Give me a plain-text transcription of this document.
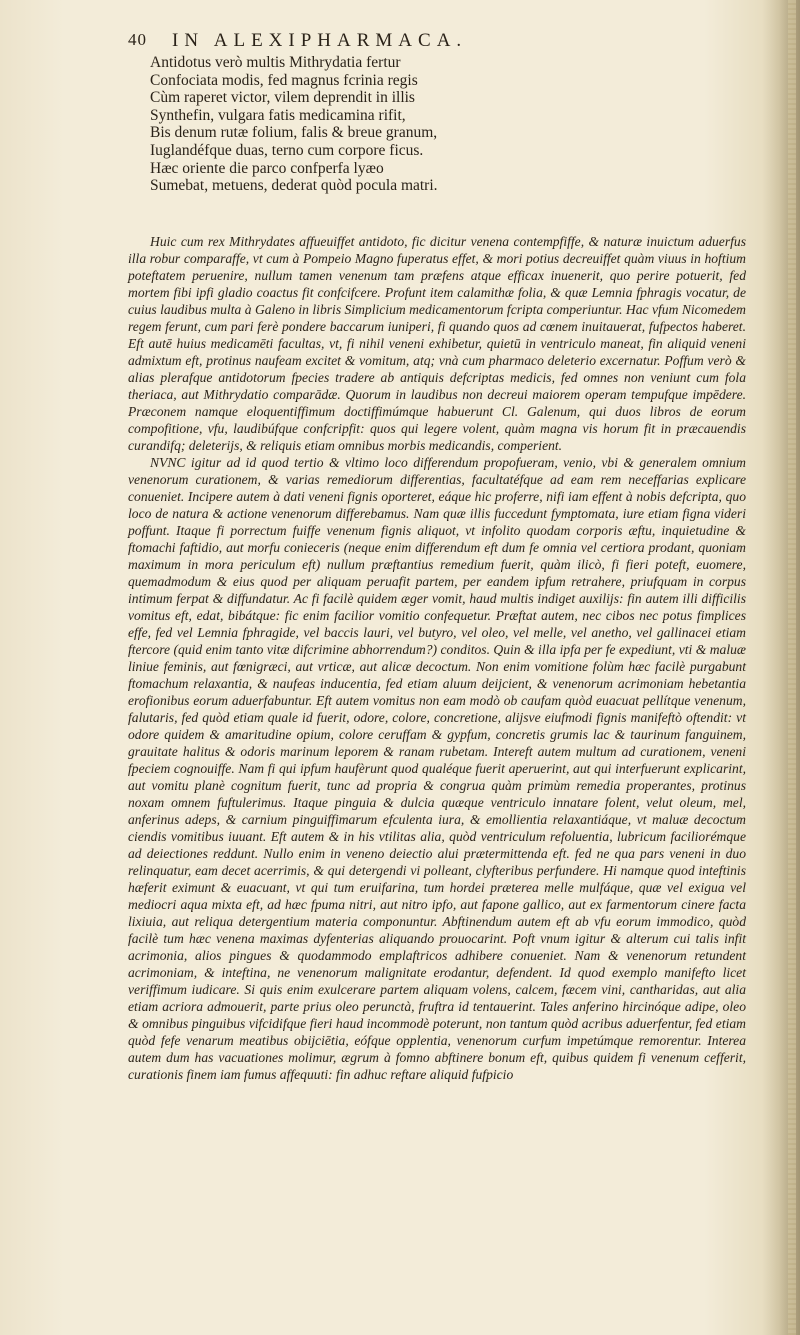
40 IN ALEXIPHARMACA.
Antidotus verò multis Mithrydatia fertur
Confociata modis, fed magnus fcrinia regis
Cùm raperet victor, vilem deprendit in illis
Synthefin, vulgara fatis medicamina rifit,
Bis denum rutæ folium, falis & breue granum,
Iuglandéfque duas, terno cum corpore ficus.
Hæc oriente die parco confperfa lyæo
Sumebat, metuens, dederat quòd pocula matri.

Huic cum rex Mithrydates affueuiffet antidoto, fic dicitur venena contempfiffe, & naturæ inuictum aduerfus illa robur comparaffe, vt cum à Pompeio Magno fuperatus effet, & mori potius decreuiffet quàm viuus in hoftium poteftatem peruenire, nullum tamen venenum tam præfens atque efficax inuenerit, quo perire potuerit, fed mortem fibi ipfi gladio coactus fit confcifcere. Profunt item calamithæ folia, & quæ Lemnia fphragis vocatur, de cuius laudibus multa à Galeno in libris Simplicium medicamentorum fcripta comperiuntur. Hac vfum Nicomedem regem ferunt, cum pari ferè pondere baccarum iuniperi, fi quando quos ad cœnem inuitauerat, fufpectos haberet. Eft autē huius medicamēti facultas, vt, fi nihil veneni exhibetur, quietū in ventriculo maneat, fin aliquid veneni admixtum eft, protinus naufeam excitet & vomitum, atq; vnà cum pharmaco deleterio excernatur. Poffum verò & alias plerafque antidotorum fpecies tradere ab antiquis defcriptas medicis, fed omnes non veniunt cum fola theriaca, aut Mithrydatio comparādæ. Quorum in laudibus non decreui maiorem operam tempufque impēdere. Præconem namque eloquentiffimum doctiffimúmque habuerunt Cl. Galenum, qui duos libros de eorum compofitione, vfu, laudibúfque confcripfit: quos qui legere volent, quàm magna vis horum fit in præcauendis curandifq; deleterijs, & reliquis etiam omnibus morbis medicandis, comperient.

NVNC igitur ad id quod tertio & vltimo loco differendum propofueram, venio, vbi & generalem omnium venenorum curationem, & varias remediorum differentias, facultatéfque ad eam rem neceffarias explicare conueniet. Incipere autem à dati veneni fignis oporteret, eáque hic proferre, nifi iam effent à nobis defcripta, quo loco de natura & actione venenorum differebamus. Nam quæ illis fuccedunt fymptomata, iure etiam figna videri poffunt. Itaque fi porrectum fuiffe venenum fignis aliquot, vt infolito quodam corporis æftu, inquietudine & ftomachi faftidio, aut morfu conieceris (neque enim differendum eft dum fe omnia vel certiora prodant, quoniam maximum in mora periculum eft) nullum præftantius remedium fuerit, quàm ilicò, fi fieri poteft, euomere, quemadmodum & eius quod per aliquam peruafit partem, per eandem ipfum retrahere, priufquam in corpus intimum ferpat & diffundatur. Ac fi facilè quidem æger vomit, haud multis indiget auxilijs: fin autem illi difficilis vomitus eft, edat, bibátque: fic enim facilior vomitio confequetur. Præftat autem, nec cibos nec potus fimplices effe, fed vel Lemnia fphragide, vel baccis lauri, vel butyro, vel oleo, vel melle, vel anetho, vel gallinacei etiam ftercore (quid enim tanto vitæ difcrimine abhorrendum?) conditos. Quin & illa ipfa per fe expediunt, vti & maluæ liniue feminis, aut fœnigræci, aut vrticæ, aut alicæ decoctum. Non enim vomitione folùm hæc facilè purgabunt ftomachum relaxantia, & naufeas inducentia, fed etiam aluum deijcient, & venenorum acrimoniam hebetantia erofionibus eorum aduerfabuntur. Eft autem vomitus non eam modò ob caufam quòd euacuat pellítque venenum, falutaris, fed quòd etiam quale id fuerit, odore, colore, concretione, alijsve eiufmodi fignis manifeftò oftendit: vt odore quidem & amaritudine opium, colore ceruffam & gypfum, concretis grumis lac & taurinum fanguinem, grauitate halitus & odoris marinum leporem & ranam rubetam. Intereft autem multum ad curationem, veneni fpeciem cognouiffe. Nam fi qui ipfum haufèrunt quod qualéque fuerit aperuerint, aut qui interfuerunt explicarint, aut vomitu planè cognitum fuerit, tunc ad propria & congrua quàm primùm remedia properantes, protinus noxam omnem fuftulerimus. Itaque pinguia & dulcia quæque ventriculo innatare folent, velut oleum, mel, anferinus adeps, & carnium pinguiffimarum efculenta iura, & emollientia relaxantiáque, vt maluæ decoctum ciendis vomitibus iuuant. Eft autem & in his vtilitas alia, quòd ventriculum refoluentia, lubricum faciliorémque ad deiectiones reddunt. Nullo enim in veneno deiectio alui prætermittenda eft. fed ne qua pars veneni in duo relinquatur, eam decet acerrimis, & qui detergendi vi polleant, clyfteribus perfundere. Hi namque quod inteftinis hæferit eximunt & euacuant, vt qui tum eruifarina, tum hordei præterea melle mulfáque, quæ vel exigua vel mediocri aqua mixta eft, ad hæc fpuma nitri, aut nitro ipfo, aut fapone gallico, aut ex farmentorum cinere facta lixiuia, aut reliqua detergentium materia componuntur. Abftinendum autem eft ab vfu eorum immodico, quòd facilè tum hæc venena maximas dyfenterias aliquando prouocarint. Poft vnum igitur & alterum cui talis infit acrimonia, alios pingues & quodammodo emplaftricos adhibere conueniet. Nam & venenorum retundent acrimoniam, & inteftina, ne venenorum malignitate erodantur, defendent. Id quod exemplo manifefto licet veriffimum iudicare. Si quis enim exulcerare partem aliquam volens, calcem, fæcem vini, cantharidas, aut alia etiam acriora admouerit, parte prius oleo perunctà, fruftra id tentauerint. Tales anferino hircinóque adipe, oleo & omnibus pinguibus vifcidifque fieri haud incommodè poterunt, non tantum quòd acribus aduerfentur, fed etiam quòd fefe venarum meatibus obijciētia, eófque opplentia, venenorum curfum impetúmque remorentur. Interea autem dum has vacuationes molimur, ægrum à fomno abftinere bonum eft, quibus quidem fi venenum cefferit, curationis finem iam fumus affequuti: fin adhuc reftare aliquid fufpicio
